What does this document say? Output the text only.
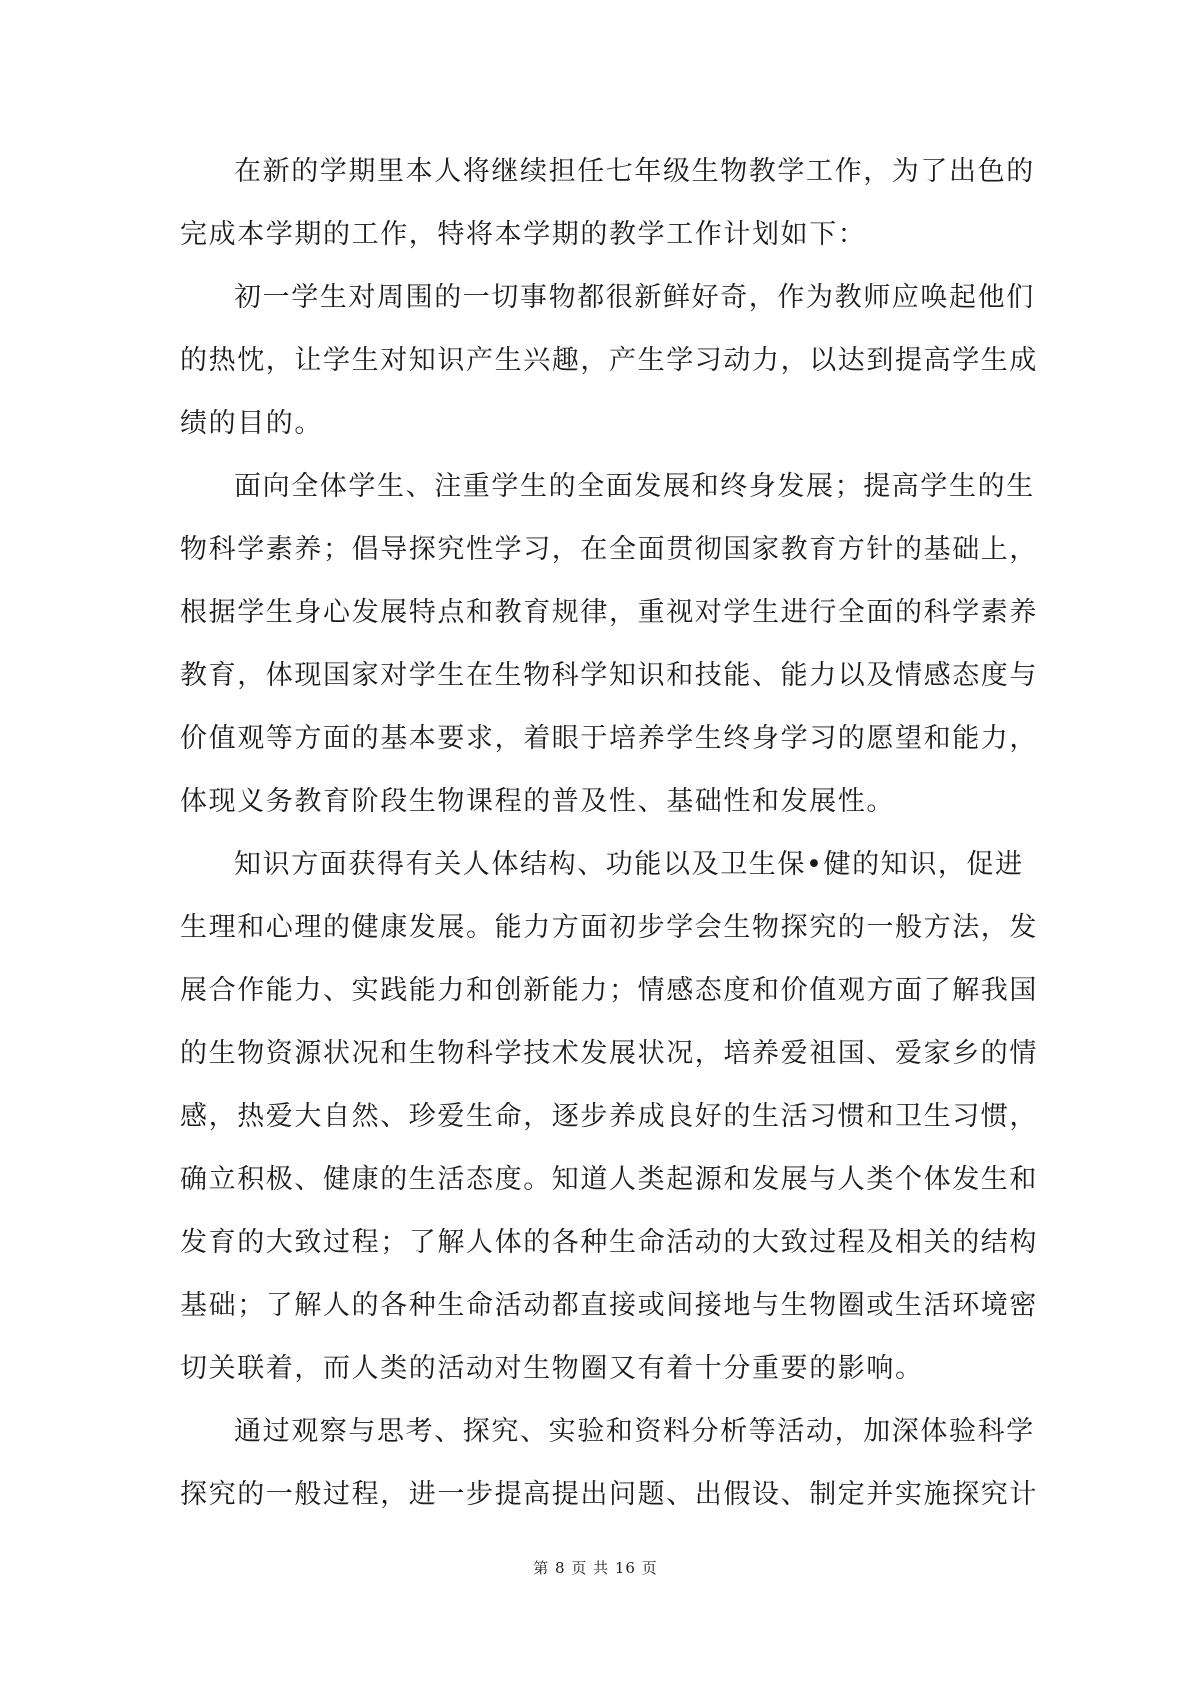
在新的学期里本人将继续担任七年级生物教学工作，为了出色的
完成本学期的工作，特将本学期的教学工作计划如下：
初一学生对周围的一切事物都很新鲜好奇，作为教师应唤起他们
的热忱，让学生对知识产生兴趣，产生学习动力，以达到提高学生成
绩的目的。
面向全体学生、注重学生的全面发展和终身发展；提高学生的生
物科学素养；倡导探究性学习，在全面贯彻国家教育方针的基础上，
根据学生身心发展特点和教育规律，重视对学生进行全面的科学素养
教育，体现国家对学生在生物科学知识和技能、能力以及情感态度与
价值观等方面的基本要求，着眼于培养学生终身学习的愿望和能力，
体现义务教育阶段生物课程的普及性、基础性和发展性。
知识方面获得有关人体结构、功能以及卫生保•健的知识，促进
生理和心理的健康发展。能力方面初步学会生物探究的一般方法，发
展合作能力、实践能力和创新能力；情感态度和价值观方面了解我国
的生物资源状况和生物科学技术发展状况，培养爱祖国、爱家乡的情
感，热爱大自然、珍爱生命，逐步养成良好的生活习惯和卫生习惯，
确立积极、健康的生活态度。知道人类起源和发展与人类个体发生和
发育的大致过程；了解人体的各种生命活动的大致过程及相关的结构
基础；了解人的各种生命活动都直接或间接地与生物圈或生活环境密
切关联着，而人类的活动对生物圈又有着十分重要的影响。
通过观察与思考、探究、实验和资料分析等活动，加深体验科学
探究的一般过程，进一步提高提出问题、出假设、制定并实施探究计
第 8 页 共 16 页
